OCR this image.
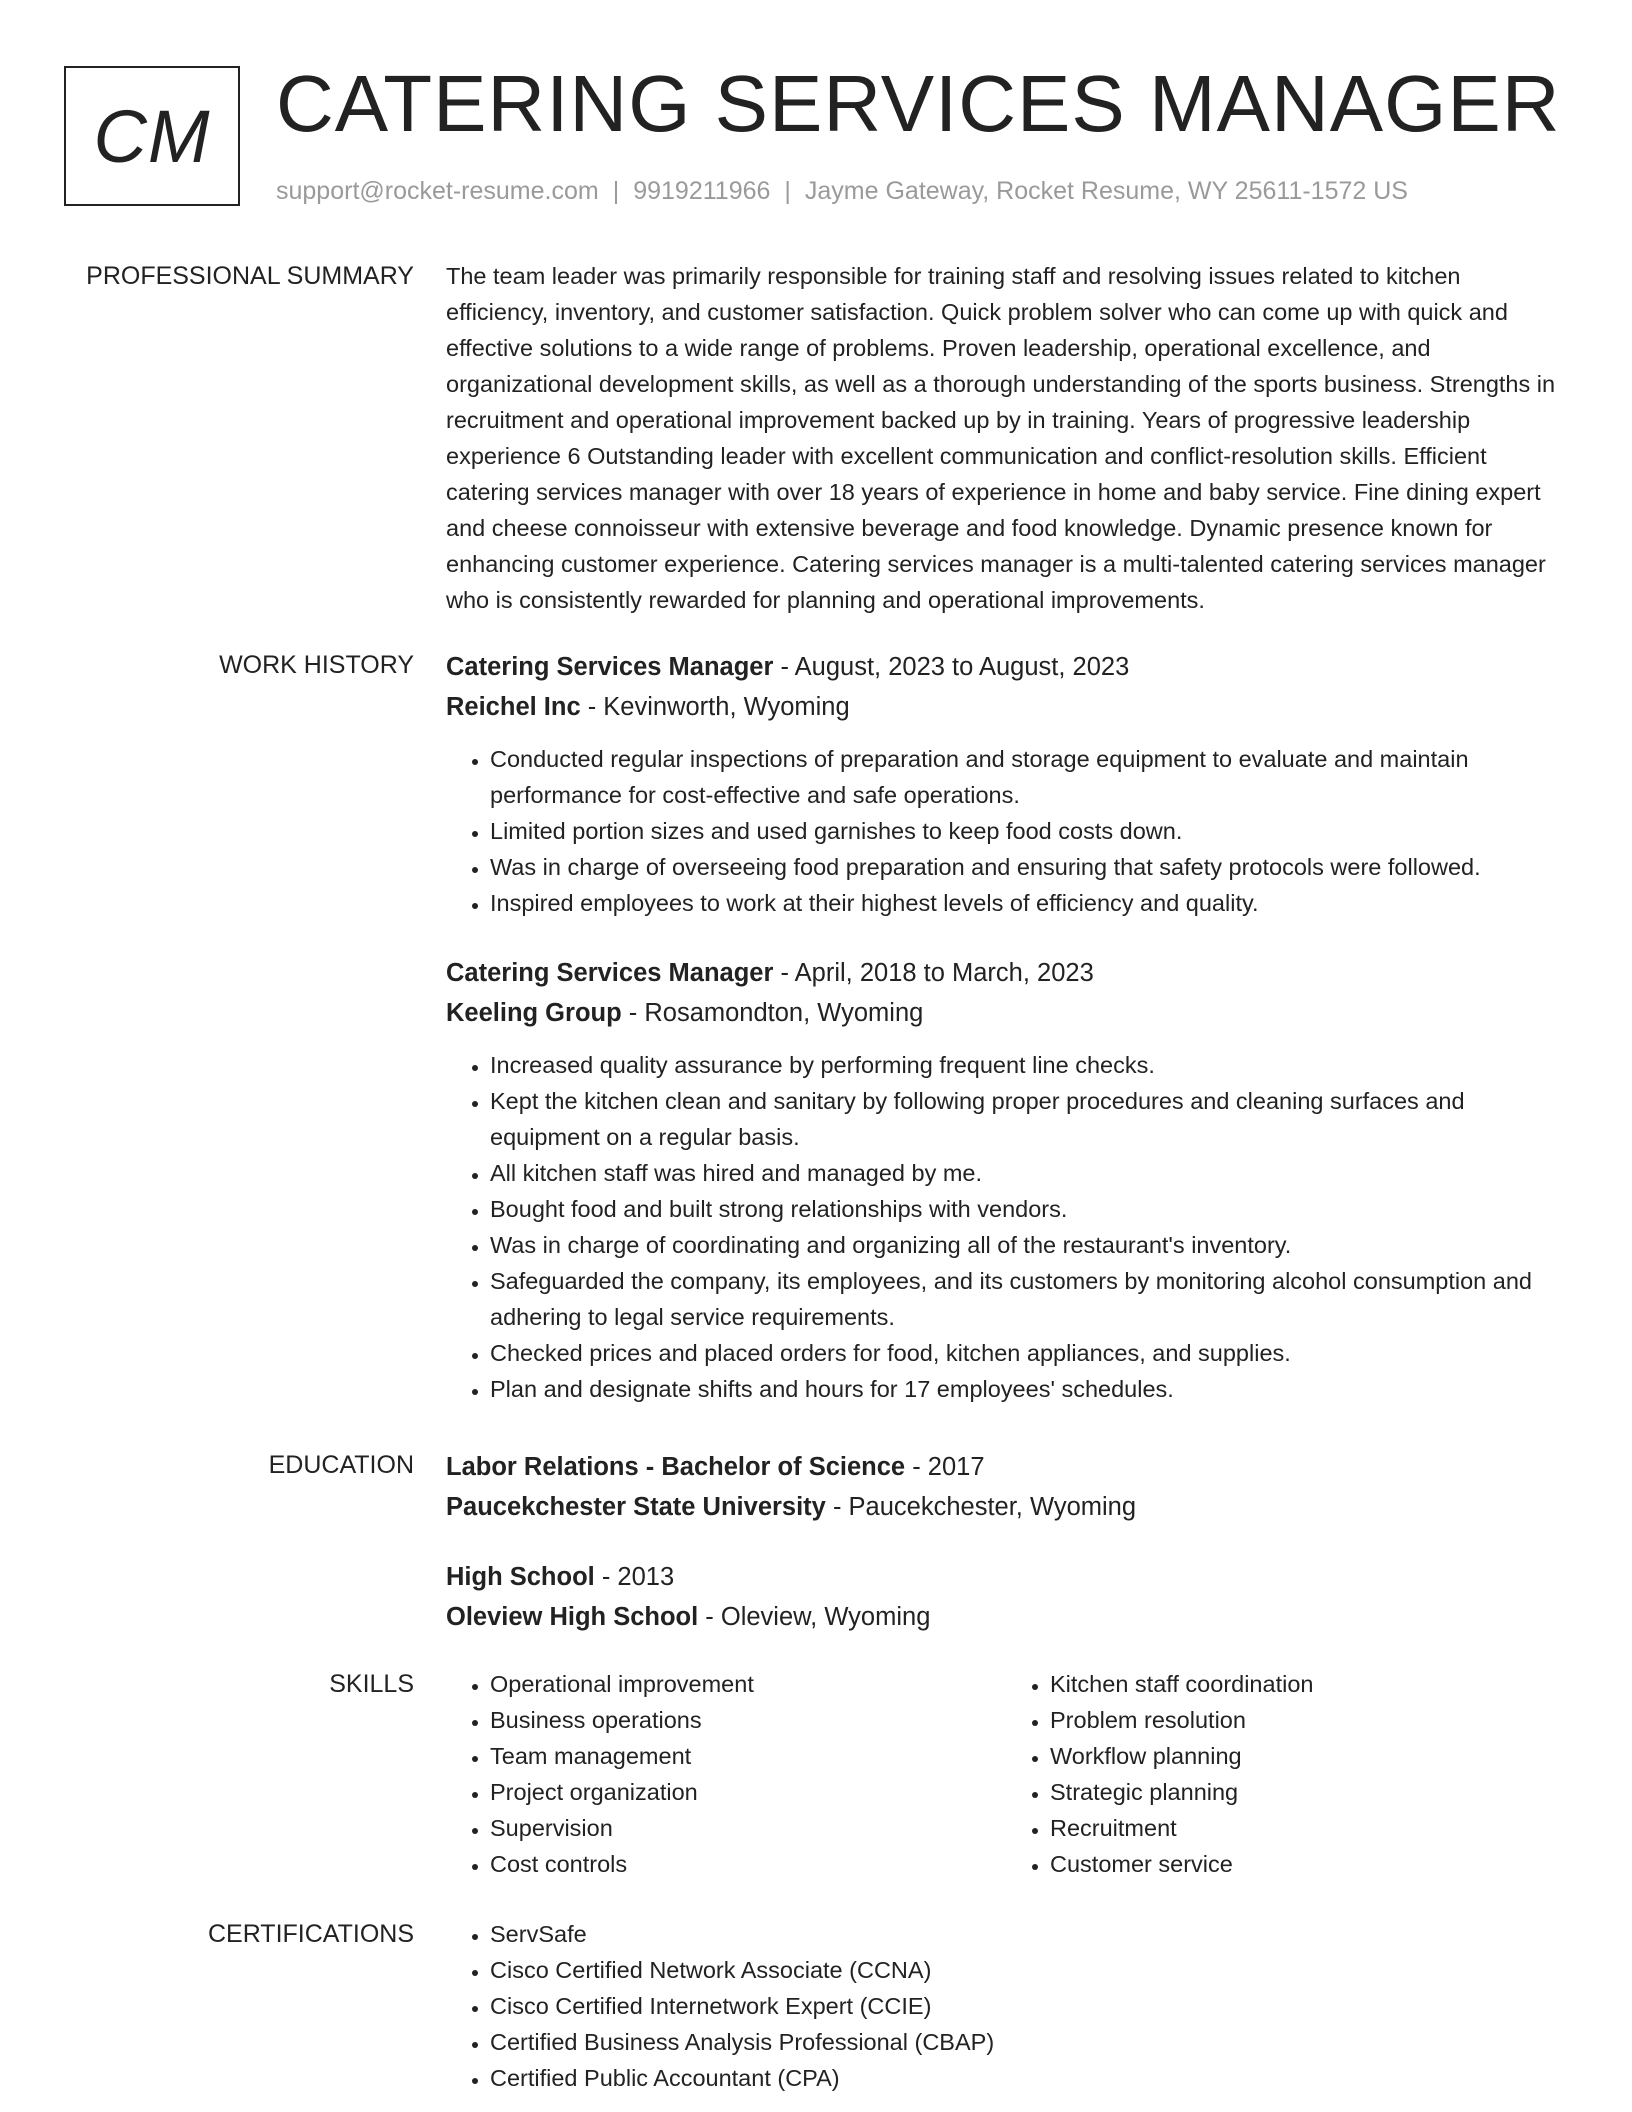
CM CATERING SERVICES MANAGER
support@rocket-resume.com | 9919211966 | Jayme Gateway, Rocket Resume, WY 25611-1572 US
PROFESSIONAL SUMMARY The team leader was primarily responsible for training staff and resolving issues related to kitchen efficiency, inventory, and customer satisfaction. Quick problem solver who can come up with quick and effective solutions to a wide range of problems. Proven leadership, operational excellence, and organizational development skills, as well as a thorough understanding of the sports business. Strengths in recruitment and operational improvement backed up by in training. Years of progressive leadership experience 6 Outstanding leader with excellent communication and conflict-resolution skills. Efficient catering services manager with over 18 years of experience in home and baby service. Fine dining expert and cheese connoisseur with extensive beverage and food knowledge. Dynamic presence known for enhancing customer experience. Catering services manager is a multi-talented catering services manager who is consistently rewarded for planning and operational improvements.

WORK HISTORY Catering Services Manager - August, 2023 to August, 2023
Reichel Inc - Kevinworth, Wyoming
• Conducted regular inspections of preparation and storage equipment to evaluate and maintain performance for cost-effective and safe operations.
• Limited portion sizes and used garnishes to keep food costs down.
• Was in charge of overseeing food preparation and ensuring that safety protocols were followed.
• Inspired employees to work at their highest levels of efficiency and quality.
Catering Services Manager - April, 2018 to March, 2023
Keeling Group - Rosamondton, Wyoming
• Increased quality assurance by performing frequent line checks.
• Kept the kitchen clean and sanitary by following proper procedures and cleaning surfaces and equipment on a regular basis.
• All kitchen staff was hired and managed by me.
• Bought food and built strong relationships with vendors.
• Was in charge of coordinating and organizing all of the restaurant's inventory.
• Safeguarded the company, its employees, and its customers by monitoring alcohol consumption and adhering to legal service requirements.
• Checked prices and placed orders for food, kitchen appliances, and supplies.
• Plan and designate shifts and hours for 17 employees' schedules.
EDUCATION Labor Relations - Bachelor of Science - 2017
Paucekchester State University - Paucekchester, Wyoming
High School - 2013
Oleview High School - Oleview, Wyoming
SKILLS	• Operational improvement
• Business operations
• Team management
• Project organization
• Supervision
• Cost controls
• Kitchen staff coordination
• Problem resolution
• Workflow planning
• Strategic planning
• Recruitment
• Customer service
CERTIFICATIONS	• ServSafe
• Cisco Certified Network Associate (CCNA)
• Cisco Certified Internetwork Expert (CCIE)
• Certified Business Analysis Professional (CBAP)
• Certified Public Accountant (CPA)
